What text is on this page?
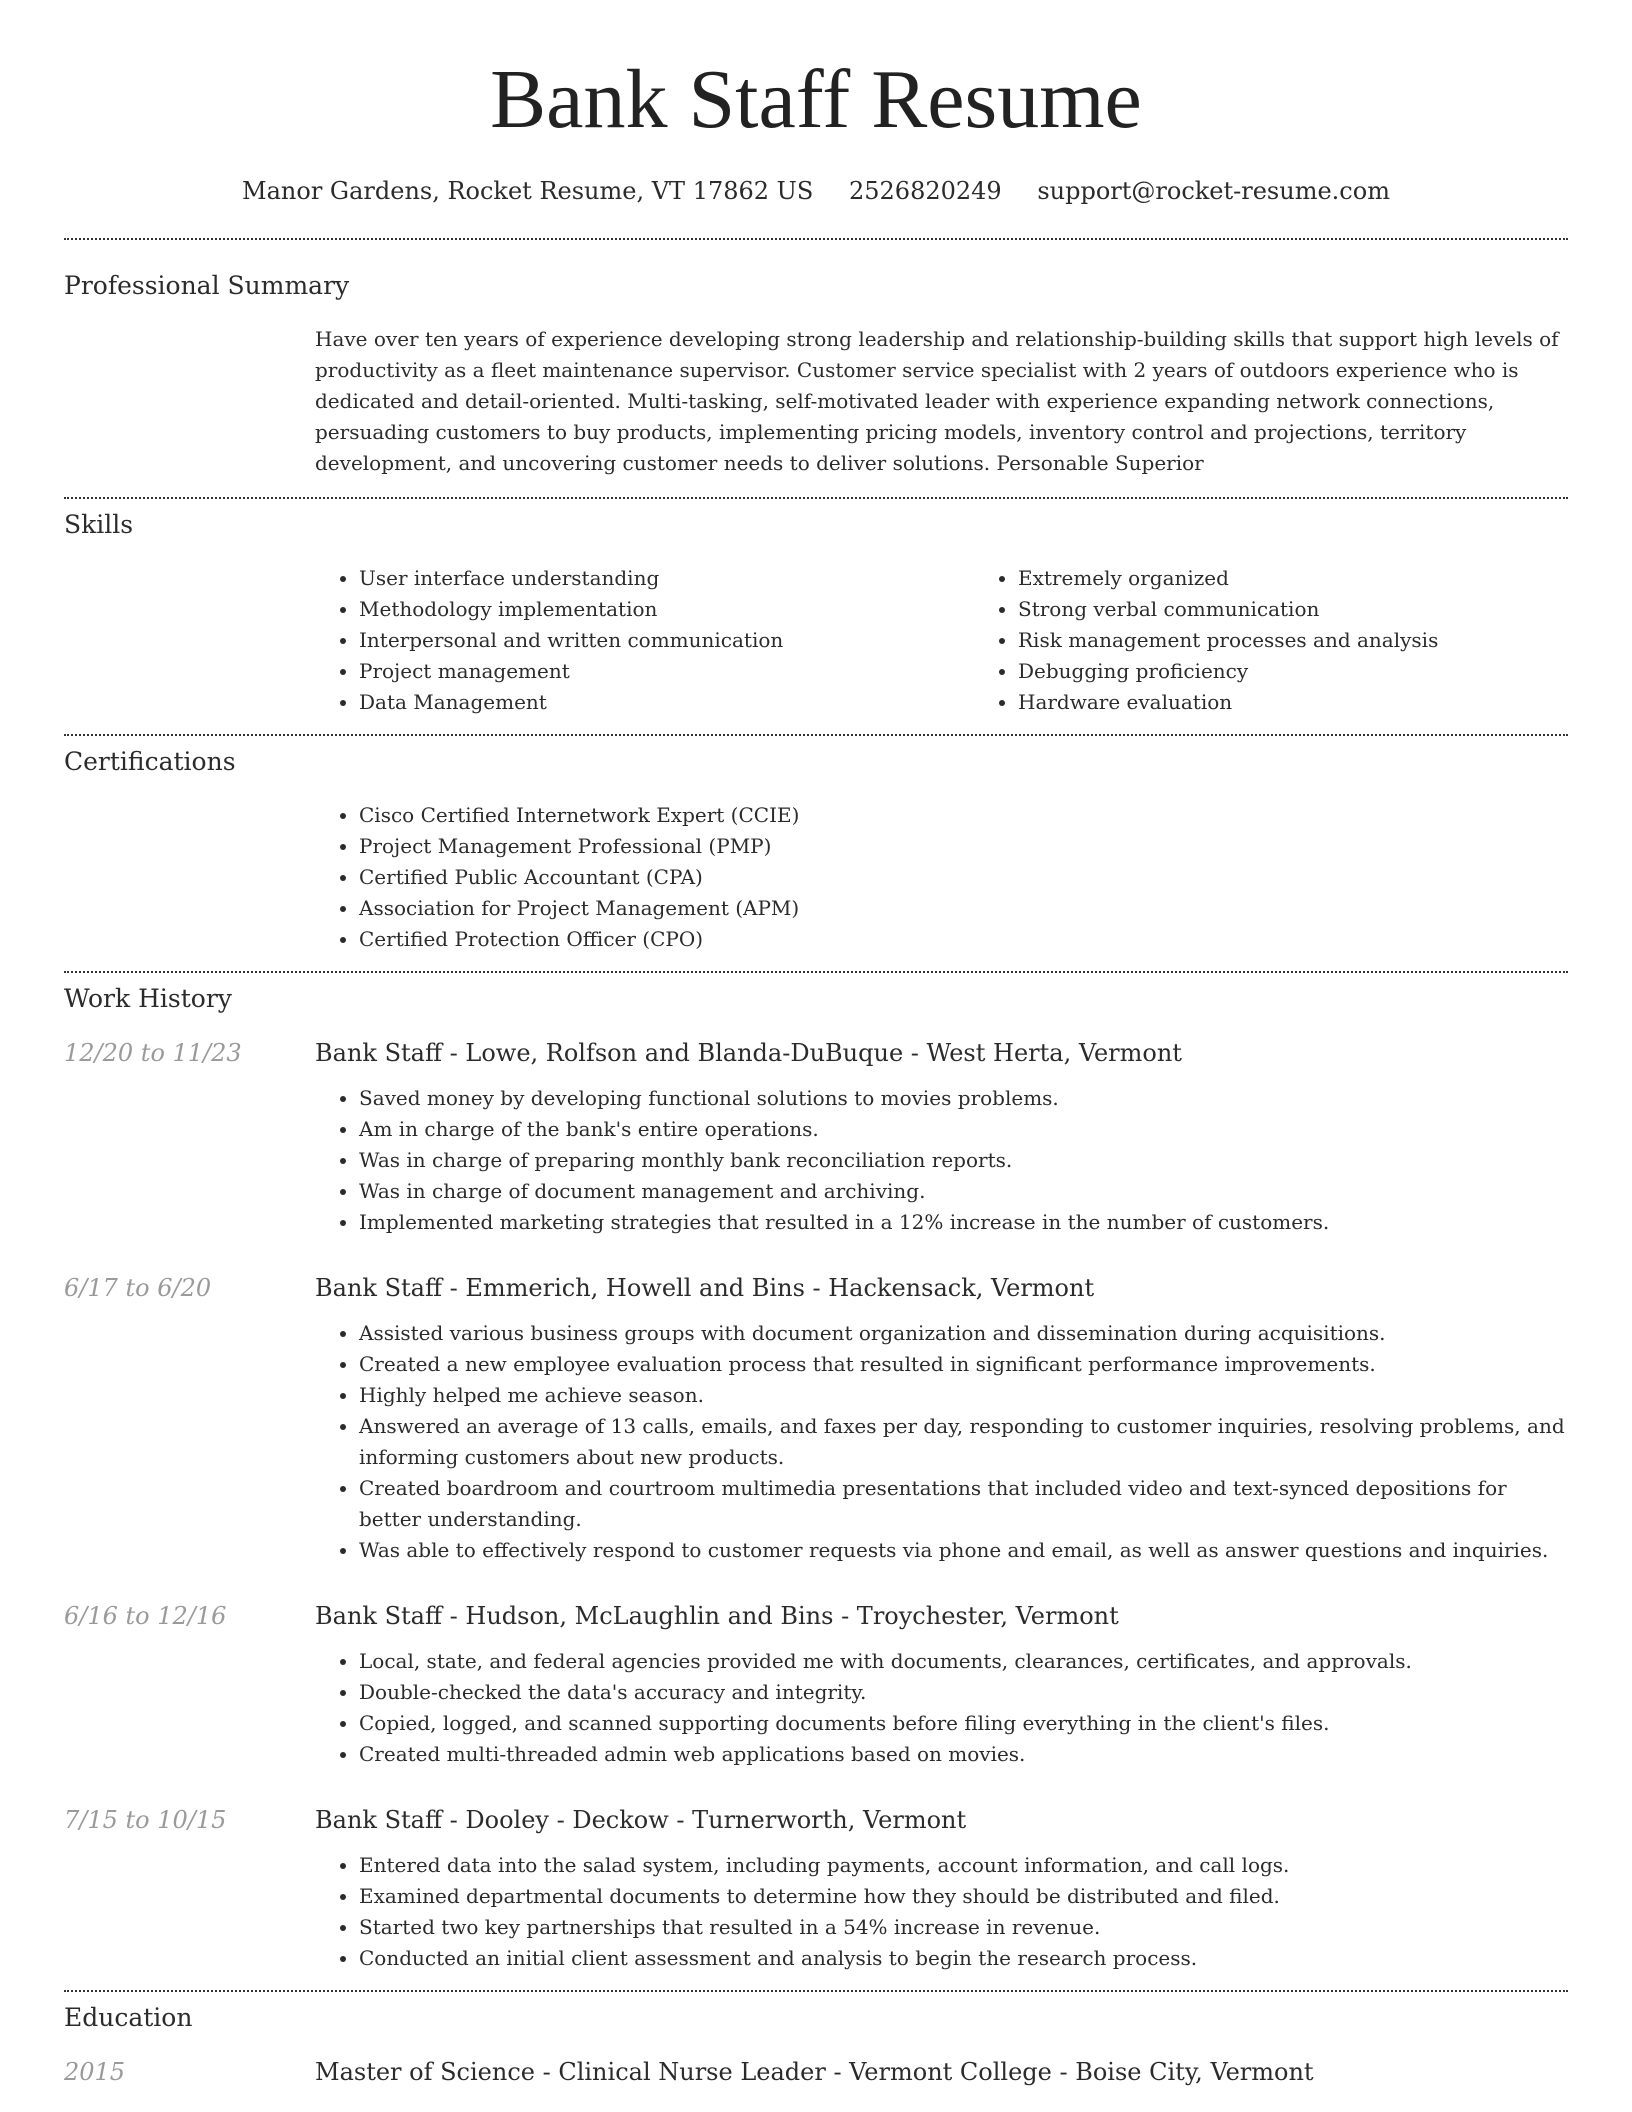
Bank Staff Resume
Manor Gardens, Rocket Resume, VT 17862 US 2526820249 support@rocket-resume.com
Professional Summary

Have over ten years of experience developing strong leadership and relationship-building skills that support high levels of productivity as a fleet maintenance supervisor. Customer service specialist with 2 years of outdoors experience who is dedicated and detail-oriented. Multi-tasking, self-motivated leader with experience expanding network connections, persuading customers to buy products, implementing pricing models, inventory control and projections, territory development, and uncovering customer needs to deliver solutions. Personable Superior

Skills
• User interface understanding
• Methodology implementation
• Interpersonal and written communication
• Project management
• Data Management
• Extremely organized
• Strong verbal communication
• Risk management processes and analysis
• Debugging proficiency
• Hardware evaluation
Certifications
• Cisco Certified Internetwork Expert (CCIE)
• Project Management Professional (PMP)
• Certified Public Accountant (CPA)
• Association for Project Management (APM)
• Certified Protection Officer (CPO)
Work History
12/20 to 11/23	Bank Staff - Lowe, Rolfson and Blanda-DuBuque - West Herta, Vermont
• Saved money by developing functional solutions to movies problems.
• Am in charge of the bank's entire operations.
• Was in charge of preparing monthly bank reconciliation reports.
• Was in charge of document management and archiving.
• Implemented marketing strategies that resulted in a 12% increase in the number of customers.
6/17 to 6/20	Bank Staff - Emmerich, Howell and Bins - Hackensack, Vermont
• Assisted various business groups with document organization and dissemination during acquisitions.
• Created a new employee evaluation process that resulted in significant performance improvements.
• Highly helped me achieve season.
• Answered an average of 13 calls, emails, and faxes per day, responding to customer inquiries, resolving problems, and informing customers about new products.
• Created boardroom and courtroom multimedia presentations that included video and text-synced depositions for better understanding.
• Was able to effectively respond to customer requests via phone and email, as well as answer questions and inquiries.
6/16 to 12/16	Bank Staff - Hudson, McLaughlin and Bins - Troychester, Vermont
• Local, state, and federal agencies provided me with documents, clearances, certificates, and approvals.
• Double-checked the data's accuracy and integrity.
• Copied, logged, and scanned supporting documents before filing everything in the client's files.
• Created multi-threaded admin web applications based on movies.
7/15 to 10/15	Bank Staff - Dooley - Deckow - Turnerworth, Vermont
• Entered data into the salad system, including payments, account information, and call logs.
• Examined departmental documents to determine how they should be distributed and filed.
• Started two key partnerships that resulted in a 54% increase in revenue.
• Conducted an initial client assessment and analysis to begin the research process.
Education
2015	Master of Science - Clinical Nurse Leader - Vermont College - Boise City, Vermont
